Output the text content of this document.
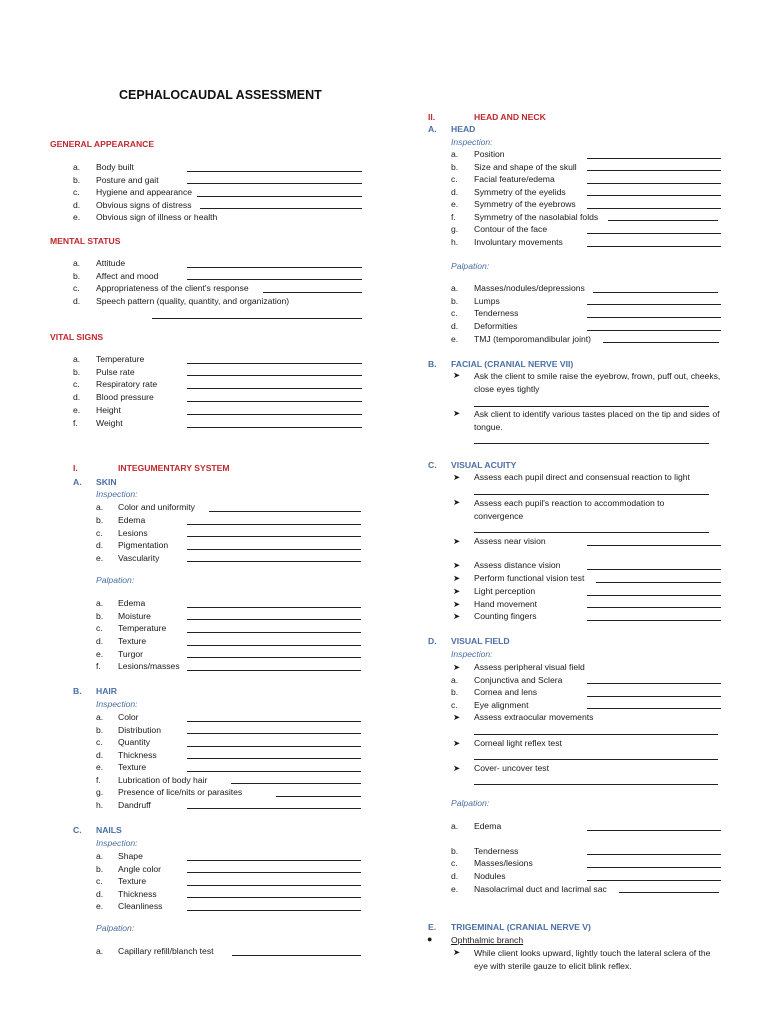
CEPHALOCAUDAL ASSESSMENT
GENERAL APPEARANCE
a. Body built
b. Posture and gait
c. Hygiene and appearance
d. Obvious signs of distress
e. Obvious sign of illness or health
MENTAL STATUS
a. Attitude
b. Affect and mood
c. Appropriateness of the client's response
d. Speech pattern (quality, quantity, and organization)
VITAL SIGNS
a. Temperature
b. Pulse rate
c. Respiratory rate
d. Blood pressure
e. Height
f. Weight
I.	INTEGUMENTARY SYSTEM
A. SKIN
Inspection:
a. Color and uniformity
b. Edema
c. Lesions
d. Pigmentation
e. Vascularity
Palpation:
a. Edema
b. Moisture
c. Temperature
d. Texture
e. Turgor
f. Lesions/masses
B. HAIR
Inspection:
a. Color
b. Distribution
c. Quantity
d. Thickness
e. Texture
f. Lubrication of body hair
g. Presence of lice/nits or parasites
h. Dandruff
C. NAILS
Inspection:
a. Shape
b. Angle color
c. Texture
d. Thickness
e. Cleanliness
Palpation:
a. Capillary refill/blanch test
II.	HEAD AND NECK
A. HEAD
Inspection:
a. Position
b. Size and shape of the skull
c. Facial feature/edema
d. Symmetry of the eyelids
e. Symmetry of the eyebrows
f. Symmetry of the nasolabial folds
g. Contour of the face
h. Involuntary movements
Palpation:
a. Masses/nodules/depressions
b. Lumps
c. Tenderness
d. Deformities
e. TMJ (temporomandibular joint)
B. FACIAL (CRANIAL NERVE VII)
➤ Ask the client to smile raise the eyebrow, frown, puff out, cheeks, close eyes tightly
➤ Ask client to identify various tastes placed on the tip and sides of tongue.
C. VISUAL ACUITY
➤ Assess each pupil direct and consensual reaction to light
➤ Assess each pupil's reaction to accommodation to convergence
➤ Assess near vision
➤ Assess distance vision
➤ Perform functional vision test
➤ Light perception
➤ Hand movement
➤ Counting fingers
D. VISUAL FIELD
Inspection:
➤ Assess peripheral visual field
a. Conjunctiva and Sclera
b. Cornea and lens
c. Eye alignment
➤ Assess extraocular movements
➤ Corneal light reflex test
➤ Cover- uncover test
Palpation:
a. Edema
b. Tenderness
c. Masses/lesions
d. Nodules
e. Nasolacrimal duct and lacrimal sac
E. TRIGEMINAL (CRANIAL NERVE V)
● Ophthalmic branch
➤ While client looks upward, lightly touch the lateral sclera of the eye with sterile gauze to elicit blink reflex.
